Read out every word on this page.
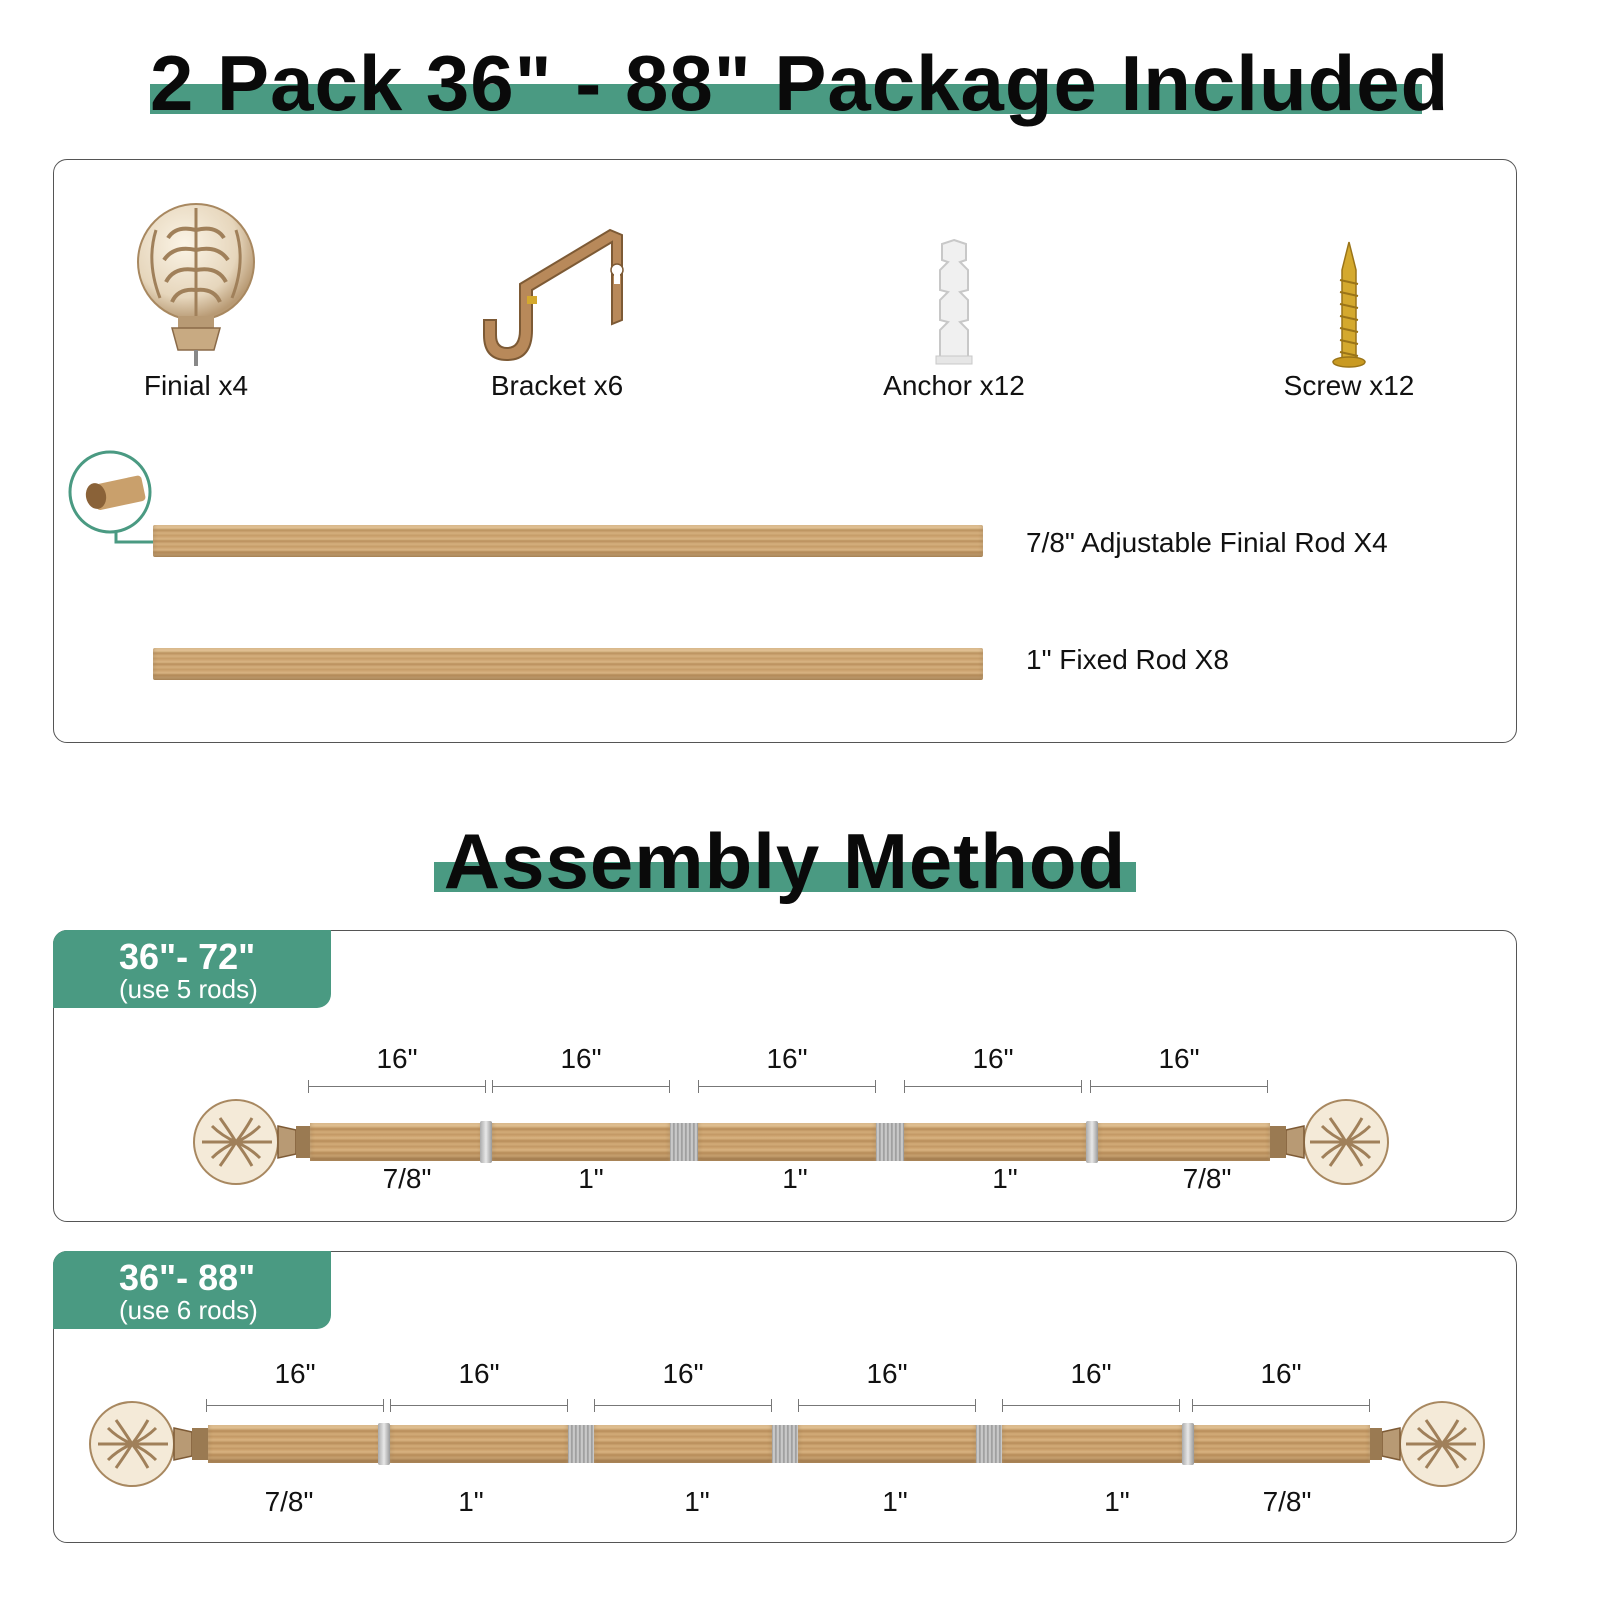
2 Pack 36" - 88" Package Included
Finial x4	Bracket x6	Anchor x12	Screw x12
7/8" Adjustable Finial Rod X4
1" Fixed Rod X8
Assembly Method
36"- 72"
(use 5 rods)
16"	16"	16"	16"	16"
7/8"	1"	1"	1"	7/8"
36"- 88"
(use 6 rods)
16"	16"	16"	16"	16"	16"
7/8"	1"	1"	1"	1"	7/8"
